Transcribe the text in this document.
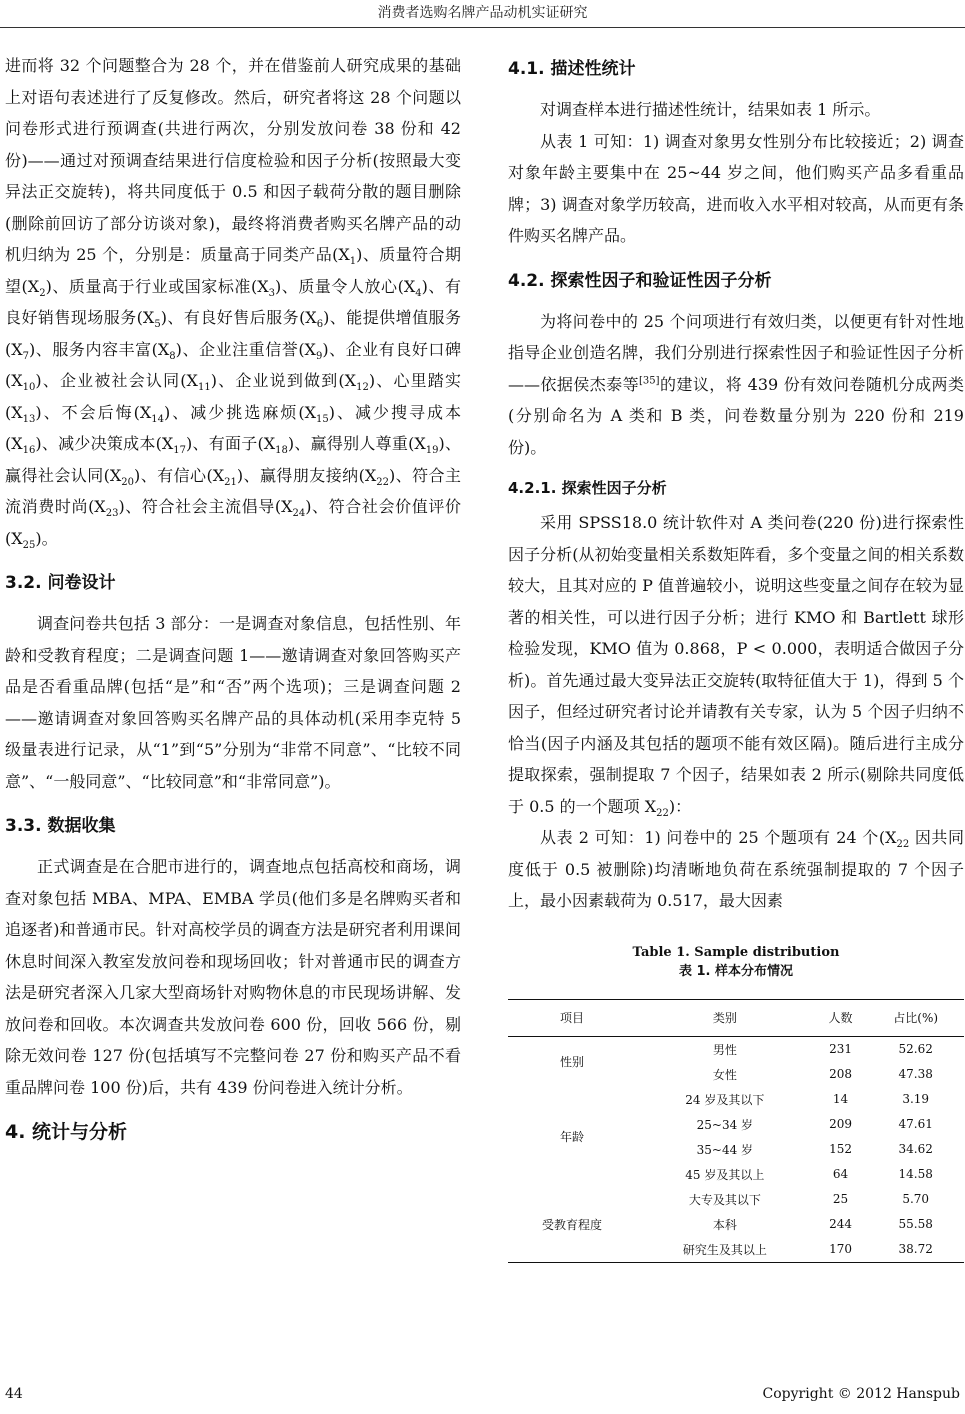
消费者选购名牌产品动机实证研究

进而将 32 个问题整合为 28 个，并在借鉴前人研究成果的基础上对语句表述进行了反复修改。然后，研究者将这 28 个问题以问卷形式进行预调查(共进行两次，分别发放问卷 38 份和 42 份)——通过对预调查结果进行信度检验和因子分析(按照最大变异法正交旋转)，将共同度低于 0.5 和因子载荷分散的题目删除(删除前回访了部分访谈对象)，最终将消费者购买名牌产品的动机归纳为 25 个，分别是：质量高于同类产品$(X_1)$、质量符合期望$(X_2)$、质量高于行业或国家标准$(X_3)$、质量令人放心$(X_4)$、有良好销售现场服务$(X_5)$、有良好售后服务$(X_6)$、能提供增值服务$(X_7)$、服务内容丰富$(X_8)$、企业注重信誉$(X_9)$、企业有良好口碑$(X_{10})$、企业被社会认同$(X_{11})$、企业说到做到$(X_{12})$、心里踏实$(X_{13})$、不会后悔$(X_{14})$、减少挑选麻烦$(X_{15})$、减少搜寻成本$(X_{16})$、减少决策成本$(X_{17})$、有面子$(X_{18})$、赢得别人尊重$(X_{19})$、赢得社会认同$(X_{20})$、有信心$(X_{21})$、赢得朋友接纳$(X_{22})$、符合主流消费时尚$(X_{23})$、符合社会主流倡导$(X_{24})$、符合社会价值评价$(X_{25})$。

3.2. 问卷设计

调查问卷共包括 3 部分：一是调查对象信息，包括性别、年龄和受教育程度；二是调查问题 1——邀请调查对象回答购买产品是否看重品牌(包括“是”和“否”两个选项)；三是调查问题 2——邀请调查对象回答购买名牌产品的具体动机(采用李克特 5 级量表进行记录，从“1”到“5”分别为“非常不同意”、“比较不同意”、“一般同意”、“比较同意”和“非常同意”)。

3.3. 数据收集

正式调查是在合肥市进行的，调查地点包括高校和商场，调查对象包括 MBA、MPA、EMBA 学员(他们多是名牌购买者和追逐者)和普通市民。针对高校学员的调查方法是研究者利用课间休息时间深入教室发放问卷和现场回收；针对普通市民的调查方法是研究者深入几家大型商场针对购物休息的市民现场讲解、发放问卷和回收。本次调查共发放问卷 600 份，回收 566 份，剔除无效问卷 127 份(包括填写不完整问卷 27 份和购买产品不看重品牌问卷 100 份)后，共有 439 份问卷进入统计分析。

4. 统计与分析
4.1. 描述性统计

对调查样本进行描述性统计，结果如表 1 所示。

从表 1 可知：1) 调查对象男女性别分布比较接近；2) 调查对象年龄主要集中在 25~44 岁之间，他们购买产品多看重品牌；3) 调查对象学历较高，进而收入水平相对较高，从而更有条件购买名牌产品。

4.2. 探索性因子和验证性因子分析

为将问卷中的 25 个问项进行有效归类，以便更有针对性地指导企业创造名牌，我们分别进行探索性因子和验证性因子分析——依据侯杰泰等[35]的建议，将 439 份有效问卷随机分成两类(分别命名为 A 类和 B 类，问卷数量分别为 220 份和 219 份)。

4.2.1. 探索性因子分析

采用 SPSS18.0 统计软件对 A 类问卷(220 份)进行探索性因子分析(从初始变量相关系数矩阵看，多个变量之间的相关系数较大，且其对应的 P 值普遍较小，说明这些变量之间存在较为显著的相关性，可以进行因子分析；进行 KMO 和 Bartlett 球形检验发现，KMO 值为 0.868，P < 0.000，表明适合做因子分析)。首先通过最大变异法正交旋转(取特征值大于 1)，得到 5 个因子，但经过研究者讨论并请教有关专家，认为 5 个因子归纳不恰当(因子内涵及其包括的题项不能有效区隔)。随后进行主成分提取探索，强制提取 7 个因子，结果如表 2 所示(剔除共同度低于 0.5 的一个题项 $X_{22}$)：

从表 2 可知：1) 问卷中的 25 个题项有 24 个($X_{22}$ 因共同度低于 0.5 被删除)均清晰地负荷在系统强制提取的 7 个因子上，最小因素载荷为 0.517，最大因素

Table 1. Sample distribution
表 1. 样本分布情况
项目	类别	人数	占比(%)
性别	男性	231	52.62
	女性	208	47.38
年龄	24 岁及其以下	14	3.19
	25~34 岁	209	47.61
	35~44 岁	152	34.62
	45 岁及其以上	64	14.58
受教育程度	大专及其以下	25	5.70
	本科	244	55.58
	研究生及其以上	170	38.72
44	Copyright © 2012 Hanspub
